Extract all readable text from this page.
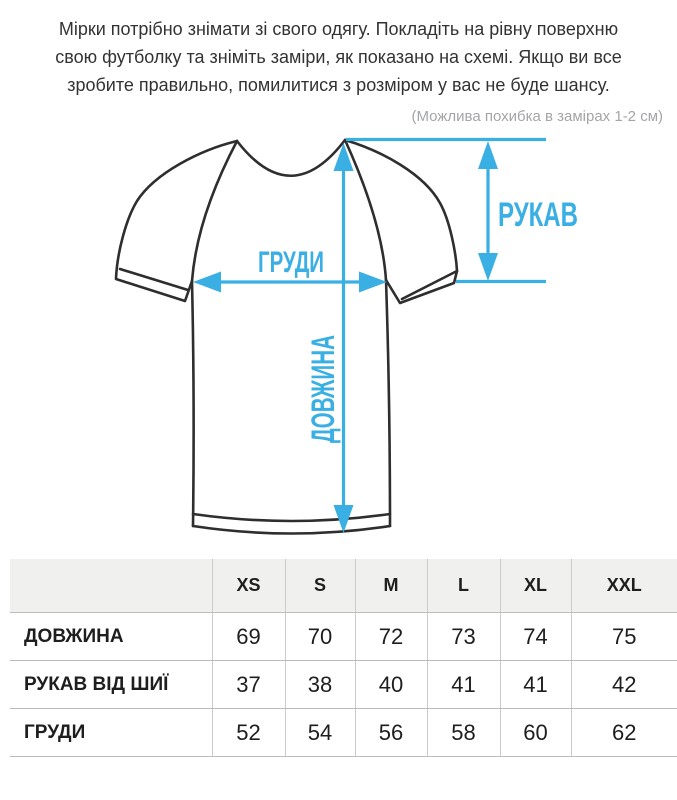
Мірки потрібно знімати зі свого одягу. Покладіть на рівну поверхню
свою футболку та зніміть заміри, як показано на схемі. Якщо ви все
зробите правильно, помилитися з розміром у вас не буде шансу.
(Можлива похибка в замірах 1-2 см)
ДОВЖИНА
ГРУДИ
РУКАВ
	XS	S	M	L	XL	XXL
ДОВЖИНА	69	70	72	73	74	75
РУКАВ ВІД ШИЇ	37	38	40	41	41	42
ГРУДИ	52	54	56	58	60	62
